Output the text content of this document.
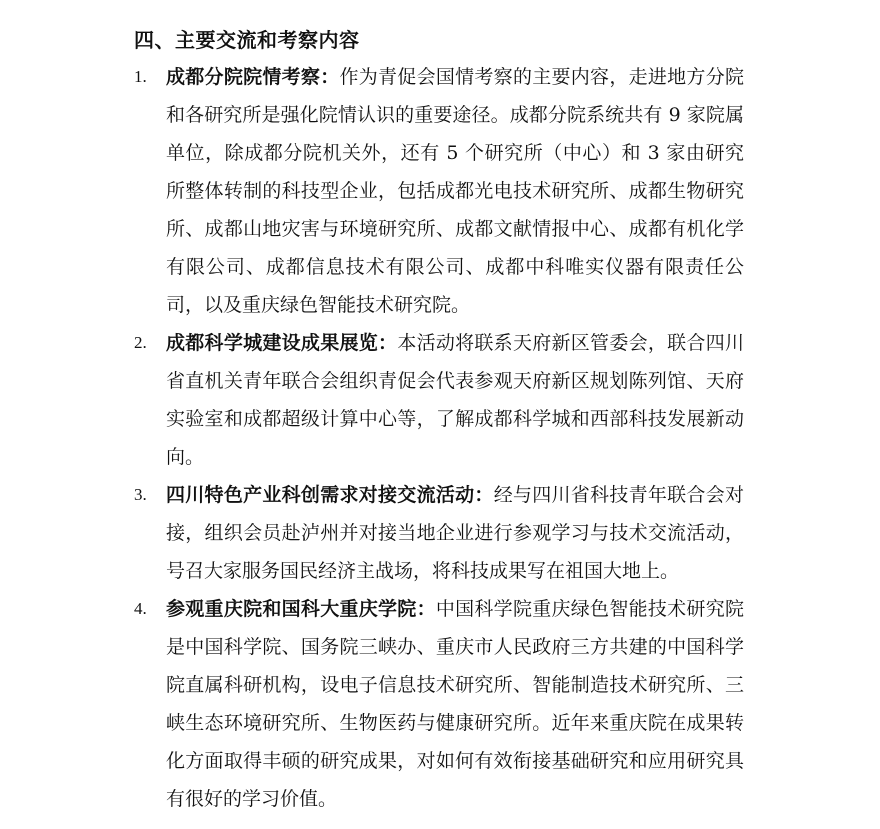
四、主要交流和考察内容
1. 成都分院院情考察：作为青促会国情考察的主要内容，走进地方分院和各研究所是强化院情认识的重要途径。成都分院系统共有 9 家院属单位，除成都分院机关外，还有 5 个研究所（中心）和 3 家由研究所整体转制的科技型企业，包括成都光电技术研究所、成都生物研究所、成都山地灾害与环境研究所、成都文献情报中心、成都有机化学有限公司、成都信息技术有限公司、成都中科唯实仪器有限责任公司，以及重庆绿色智能技术研究院。
2. 成都科学城建设成果展览：本活动将联系天府新区管委会，联合四川省直机关青年联合会组织青促会代表参观天府新区规划陈列馆、天府实验室和成都超级计算中心等，了解成都科学城和西部科技发展新动向。
3. 四川特色产业科创需求对接交流活动：经与四川省科技青年联合会对接，组织会员赴泸州并对接当地企业进行参观学习与技术交流活动，号召大家服务国民经济主战场，将科技成果写在祖国大地上。
4. 参观重庆院和国科大重庆学院：中国科学院重庆绿色智能技术研究院是中国科学院、国务院三峡办、重庆市人民政府三方共建的中国科学院直属科研机构，设电子信息技术研究所、智能制造技术研究所、三峡生态环境研究所、生物医药与健康研究所。近年来重庆院在成果转化方面取得丰硕的研究成果，对如何有效衔接基础研究和应用研究具有很好的学习价值。
